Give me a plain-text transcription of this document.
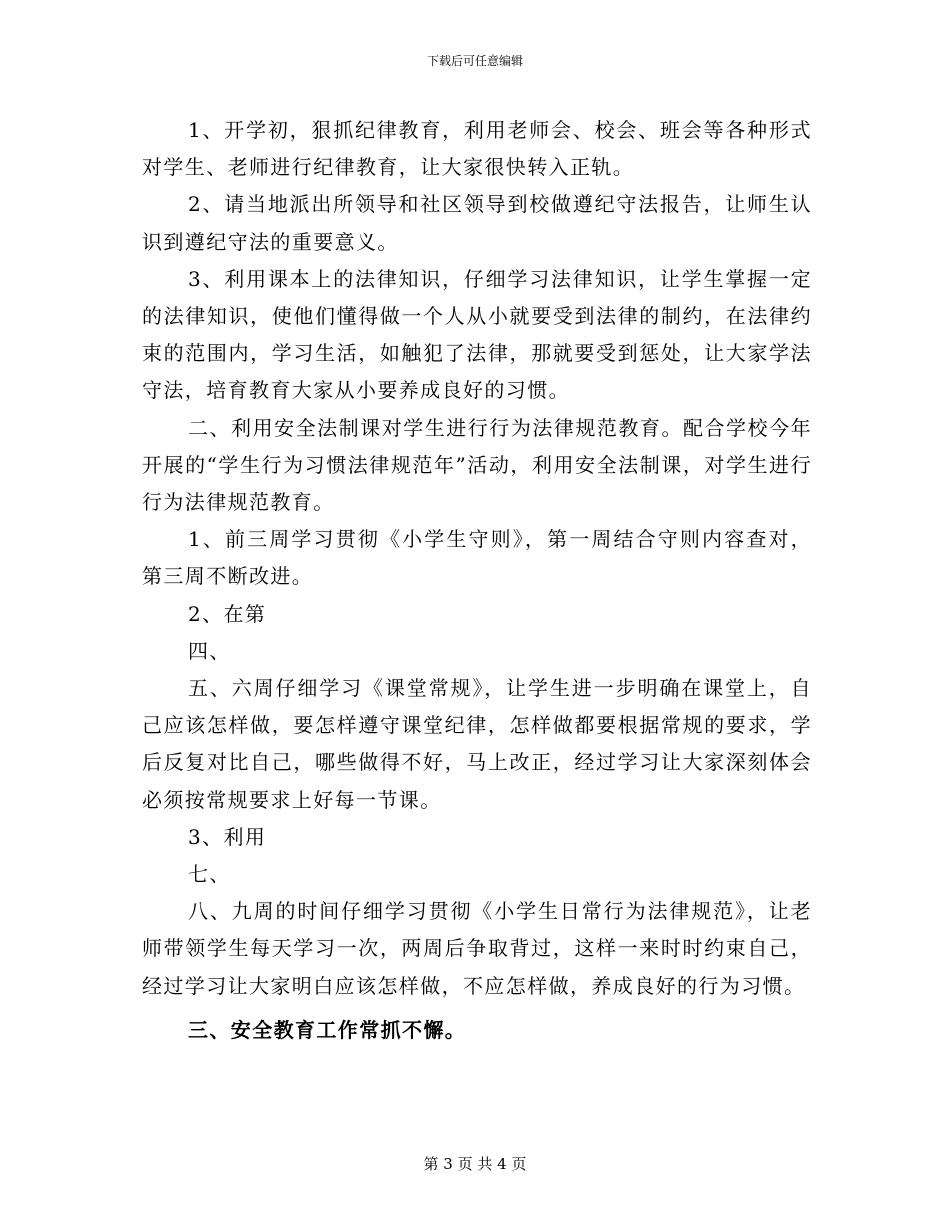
下载后可任意编辑

1、开学初，狠抓纪律教育，利用老师会、校会、班会等各种形式对学生、老师进行纪律教育，让大家很快转入正轨。

2、请当地派出所领导和社区领导到校做遵纪守法报告，让师生认识到遵纪守法的重要意义。

3、利用课本上的法律知识，仔细学习法律知识，让学生掌握一定的法律知识，使他们懂得做一个人从小就要受到法律的制约，在法律约束的范围内，学习生活，如触犯了法律，那就要受到惩处，让大家学法守法，培育教育大家从小要养成良好的习惯。

二、利用安全法制课对学生进行行为法律规范教育。配合学校今年开展的“学生行为习惯法律规范年”活动，利用安全法制课，对学生进行行为法律规范教育。

1、前三周学习贯彻《小学生守则》，第一周结合守则内容查对，第三周不断改进。

2、在第

四、

五、六周仔细学习《课堂常规》，让学生进一步明确在课堂上，自己应该怎样做，要怎样遵守课堂纪律，怎样做都要根据常规的要求，学后反复对比自己，哪些做得不好，马上改正，经过学习让大家深刻体会必须按常规要求上好每一节课。

3、利用

七、

八、九周的时间仔细学习贯彻《小学生日常行为法律规范》，让老师带领学生每天学习一次，两周后争取背过，这样一来时时约束自己，经过学习让大家明白应该怎样做，不应怎样做，养成良好的行为习惯。

三、安全教育工作常抓不懈。

第 3 页 共 4 页
